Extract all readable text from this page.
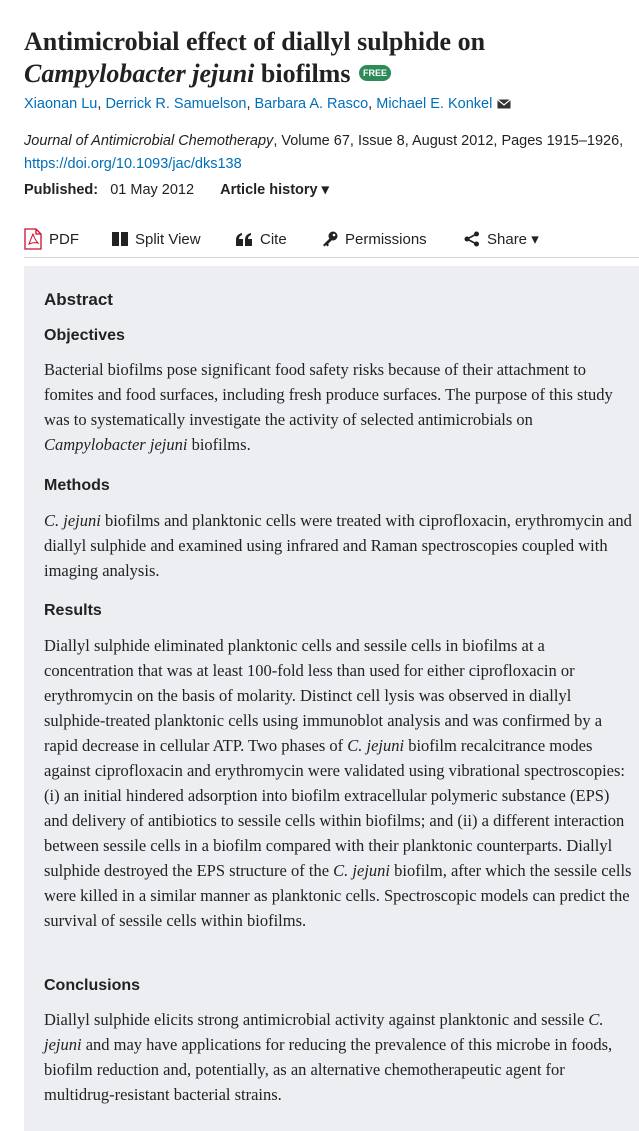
Antimicrobial effect of diallyl sulphide on
Campylobacter jejuni biofilms FREE
Xiaonan Lu, Derrick R. Samuelson, Barbara A. Rasco, Michael E. Konkel
Journal of Antimicrobial Chemotherapy, Volume 67, Issue 8, August 2012, Pages 1915–1926, https://doi.org/10.1093/jac/dks138
Published: 01 May 2012 Article history ▾
PDF	Split View	Cite	Permissions	Share ▾
Abstract
Objectives

Bacterial biofilms pose significant food safety risks because of their attachment to fomites and food surfaces, including fresh produce surfaces. The purpose of this study was to systematically investigate the activity of selected antimicrobials on Campylobacter jejuni biofilms.

Methods

C. jejuni biofilms and planktonic cells were treated with ciprofloxacin, erythromycin and diallyl sulphide and examined using infrared and Raman spectroscopies coupled with imaging analysis.

Results

Diallyl sulphide eliminated planktonic cells and sessile cells in biofilms at a concentration that was at least 100-fold less than used for either ciprofloxacin or erythromycin on the basis of molarity. Distinct cell lysis was observed in diallyl sulphide-treated planktonic cells using immunoblot analysis and was confirmed by a rapid decrease in cellular ATP. Two phases of C. jejuni biofilm recalcitrance modes against ciprofloxacin and erythromycin were validated using vibrational spectroscopies: (i) an initial hindered adsorption into biofilm extracellular polymeric substance (EPS) and delivery of antibiotics to sessile cells within biofilms; and (ii) a different interaction between sessile cells in a biofilm compared with their planktonic counterparts. Diallyl sulphide destroyed the EPS structure of the C. jejuni biofilm, after which the sessile cells were killed in a similar manner as planktonic cells. Spectroscopic models can predict the survival of sessile cells within biofilms.

Conclusions

Diallyl sulphide elicits strong antimicrobial activity against planktonic and sessile C. jejuni and may have applications for reducing the prevalence of this microbe in foods, biofilm reduction and, potentially, as an alternative chemotherapeutic agent for multidrug-resistant bacterial strains.
